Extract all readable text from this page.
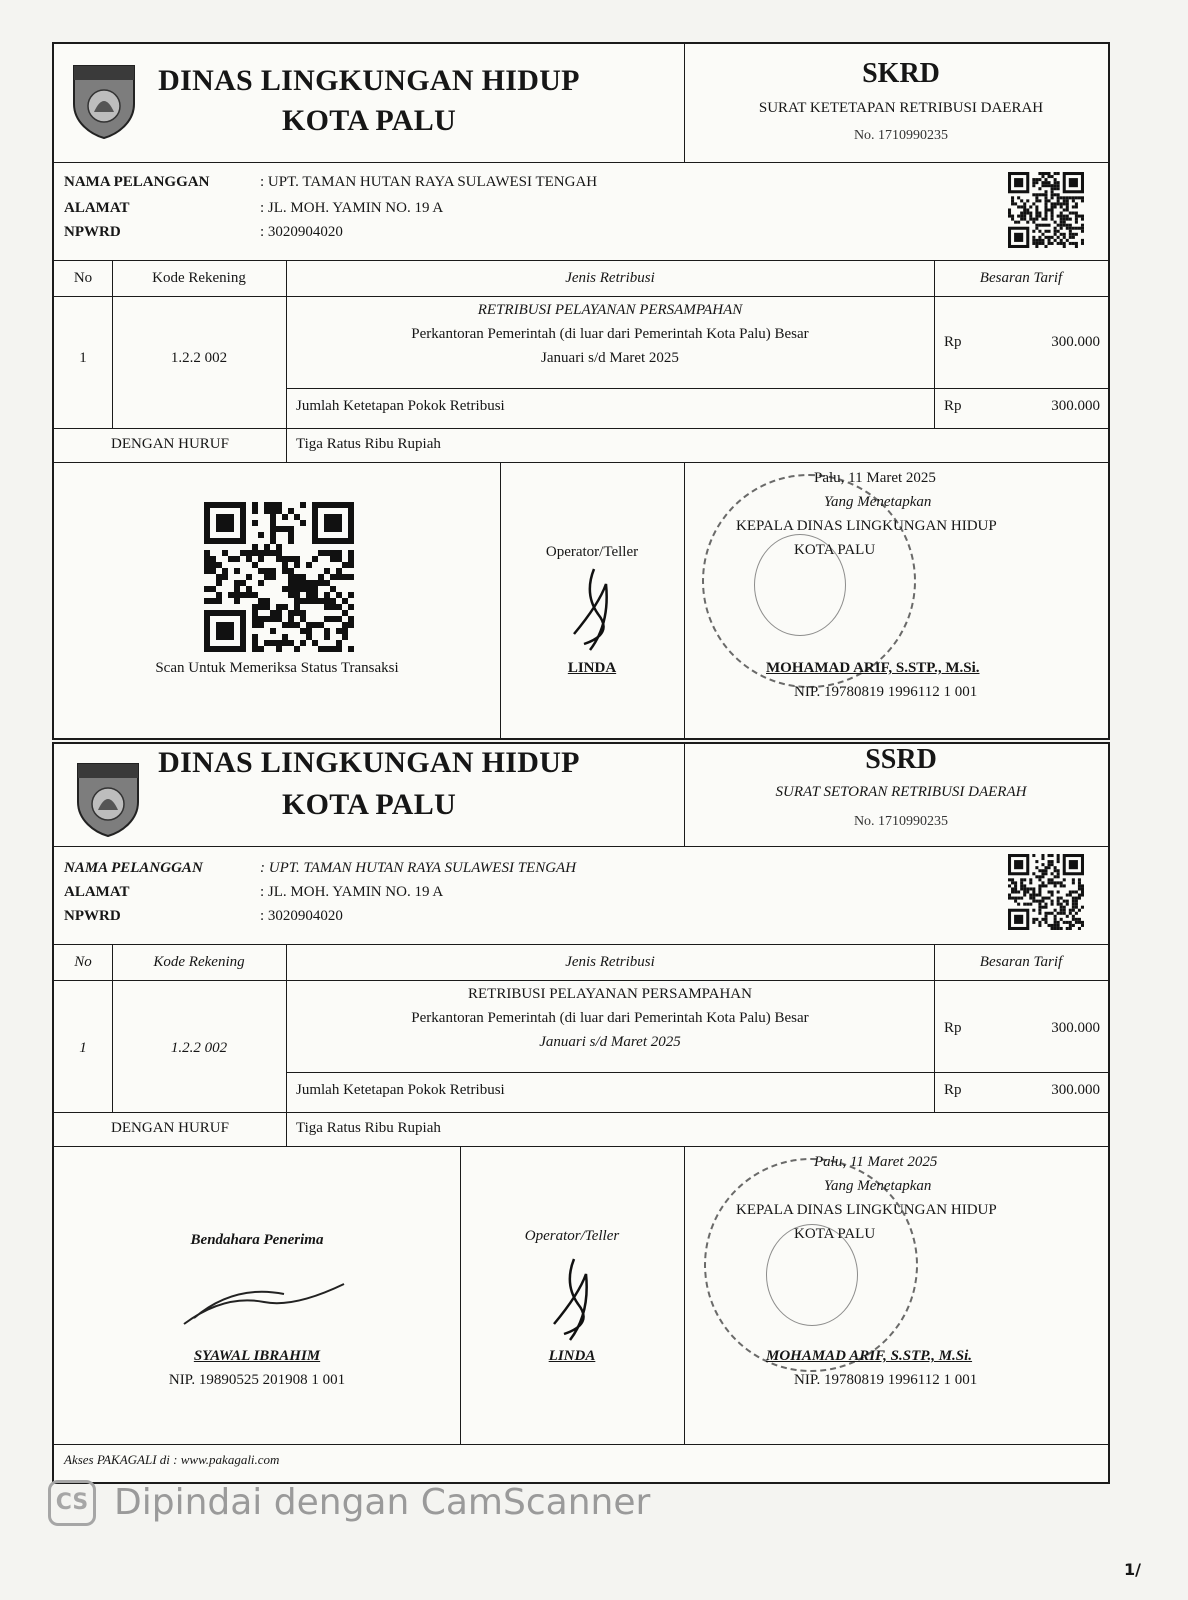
DINAS LINGKUNGAN HIDUP
KOTA PALU
SKRD
SURAT KETETAPAN RETRIBUSI DAERAH
No. 1710990235
NAMA PELANGGAN	: UPT. TAMAN HUTAN RAYA SULAWESI TENGAH
ALAMAT	: JL. MOH. YAMIN NO. 19 A
NPWRD	: 3020904020
No	Kode Rekening	Jenis Retribusi	Besaran Tarif
1	1.2.2 002
RETRIBUSI PELAYANAN PERSAMPAHAN
Perkantoran Pemerintah (di luar dari Pemerintah Kota Palu) Besar
Januari s/d Maret 2025
Rp	300.000
Jumlah Ketetapan Pokok Retribusi	Rp	300.000
DENGAN HURUF	Tiga Ratus Ribu Rupiah
Scan Untuk Memeriksa Status Transaksi
Operator/Teller
LINDA
Palu, 11 Maret 2025
Yang Menetapkan
KEPALA DINAS LINGKUNGAN HIDUP
KOTA PALU
MOHAMAD ARIF, S.STP., M.Si.
NIP. 19780819 1996112 1 001
DINAS LINGKUNGAN HIDUP
KOTA PALU
SSRD
SURAT SETORAN RETRIBUSI DAERAH
No. 1710990235
NAMA PELANGGAN	: UPT. TAMAN HUTAN RAYA SULAWESI TENGAH
ALAMAT	: JL. MOH. YAMIN NO. 19 A
NPWRD	: 3020904020
No	Kode Rekening	Jenis Retribusi	Besaran Tarif
1	1.2.2 002
RETRIBUSI PELAYANAN PERSAMPAHAN
Perkantoran Pemerintah (di luar dari Pemerintah Kota Palu) Besar
Januari s/d Maret 2025
Rp	300.000
Jumlah Ketetapan Pokok Retribusi	Rp	300.000
DENGAN HURUF	Tiga Ratus Ribu Rupiah
Bendahara Penerima
SYAWAL IBRAHIM
NIP. 19890525 201908 1 001
Operator/Teller
LINDA
Palu, 11 Maret 2025
Yang Menetapkan
KEPALA DINAS LINGKUNGAN HIDUP
KOTA PALU
MOHAMAD ARIF, S.STP., M.Si.
NIP. 19780819 1996112 1 001
Akses PAKAGALI di : www.pakagali.com
CS Dipindai dengan CamScanner
1/
